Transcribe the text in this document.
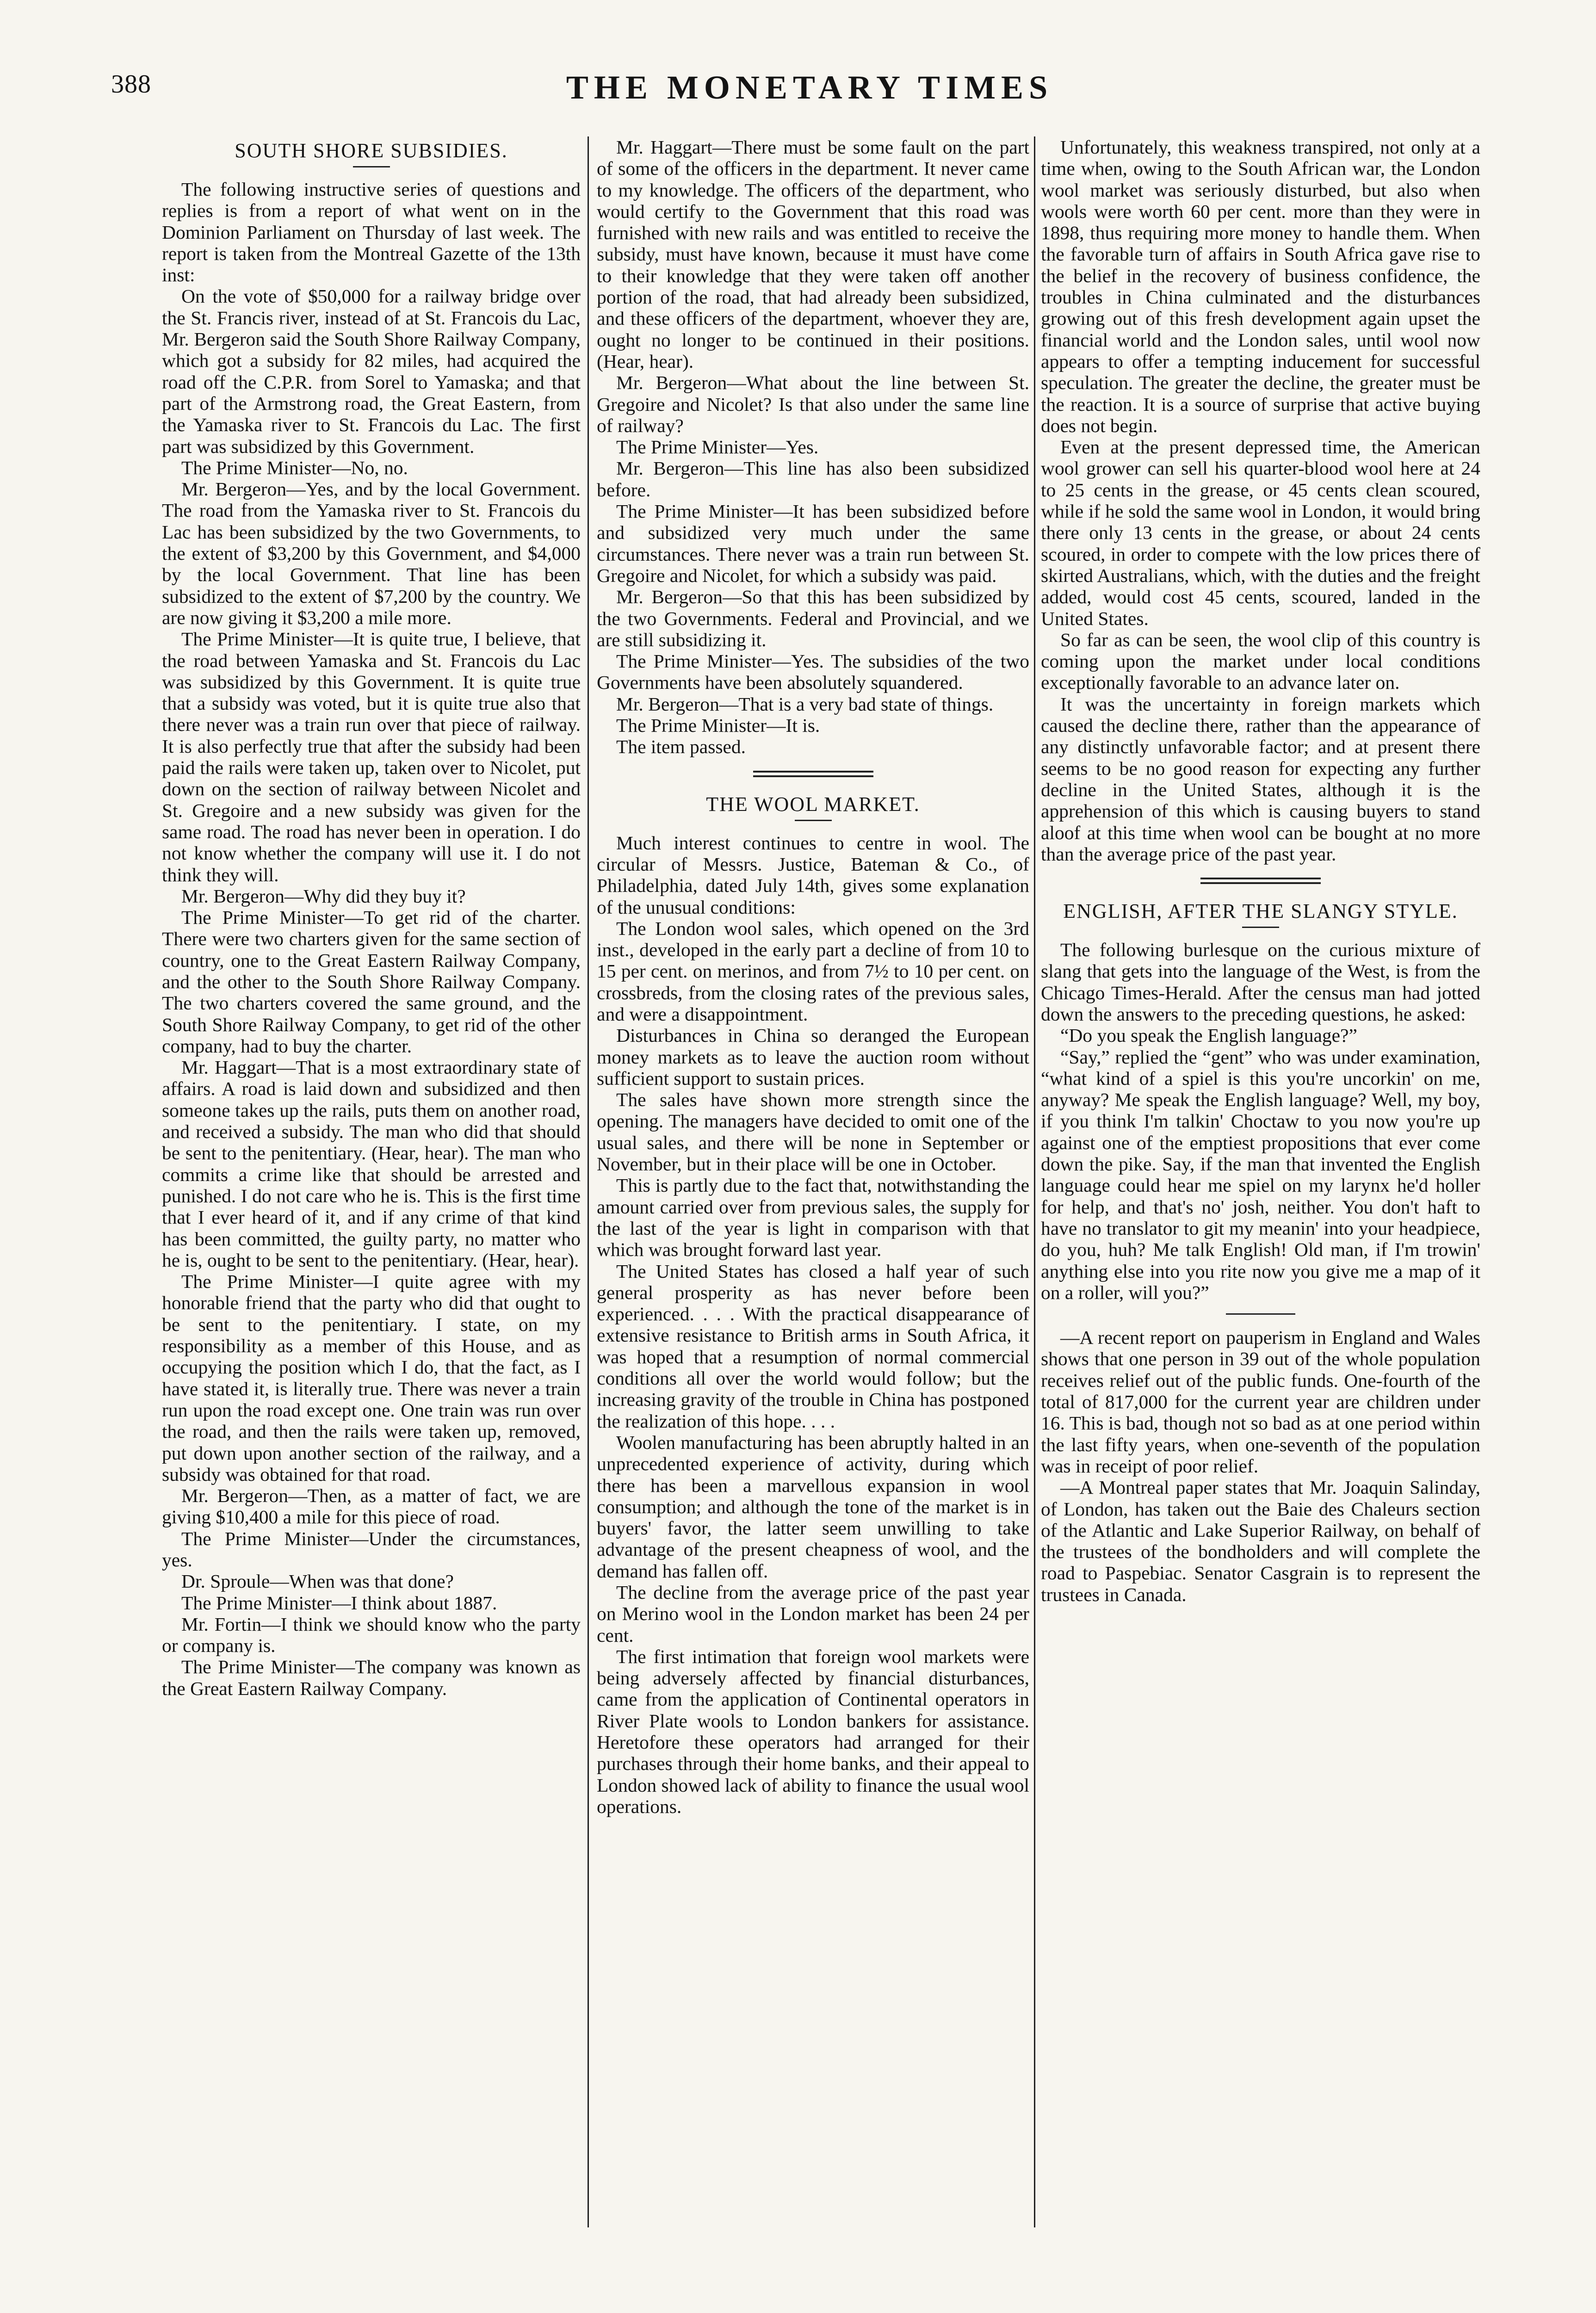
388	THE MONETARY TIMES
SOUTH SHORE SUBSIDIES.

The following instructive series of questions and replies is from a report of what went on in the Dominion Parliament on Thursday of last week. The report is taken from the Montreal Gazette of the 13th inst:

On the vote of $50,000 for a railway bridge over the St. Francis river, instead of at St. Francois du Lac, Mr. Bergeron said the South Shore Railway Company, which got a subsidy for 82 miles, had acquired the road off the C.P.R. from Sorel to Yamaska; and that part of the Armstrong road, the Great Eastern, from the Yamaska river to St. Francois du Lac. The first part was subsidized by this Government.

The Prime Minister—No, no.

Mr. Bergeron—Yes, and by the local Government. The road from the Yamaska river to St. Francois du Lac has been subsidized by the two Governments, to the extent of $3,200 by this Government, and $4,000 by the local Government. That line has been subsidized to the extent of $7,200 by the country. We are now giving it $3,200 a mile more.

The Prime Minister—It is quite true, I believe, that the road between Yamaska and St. Francois du Lac was subsidized by this Government. It is quite true that a subsidy was voted, but it is quite true also that there never was a train run over that piece of railway. It is also perfectly true that after the subsidy had been paid the rails were taken up, taken over to Nicolet, put down on the section of railway between Nicolet and St. Gregoire and a new subsidy was given for the same road. The road has never been in operation. I do not know whether the company will use it. I do not think they will.

Mr. Bergeron—Why did they buy it?

The Prime Minister—To get rid of the charter. There were two charters given for the same section of country, one to the Great Eastern Railway Company, and the other to the South Shore Railway Company. The two charters covered the same ground, and the South Shore Railway Company, to get rid of the other company, had to buy the charter.

Mr. Haggart—That is a most extraordinary state of affairs. A road is laid down and subsidized and then someone takes up the rails, puts them on another road, and received a subsidy. The man who did that should be sent to the penitentiary. (Hear, hear). The man who commits a crime like that should be arrested and punished. I do not care who he is. This is the first time that I ever heard of it, and if any crime of that kind has been committed, the guilty party, no matter who he is, ought to be sent to the penitentiary. (Hear, hear).

The Prime Minister—I quite agree with my honorable friend that the party who did that ought to be sent to the penitentiary. I state, on my responsibility as a member of this House, and as occupying the position which I do, that the fact, as I have stated it, is literally true. There was never a train run upon the road except one. One train was run over the road, and then the rails were taken up, removed, put down upon another section of the railway, and a subsidy was obtained for that road.

Mr. Bergeron—Then, as a matter of fact, we are giving $10,400 a mile for this piece of road.

The Prime Minister—Under the circumstances, yes.

Dr. Sproule—When was that done?

The Prime Minister—I think about 1887.

Mr. Fortin—I think we should know who the party or company is.

The Prime Minister—The company was known as the Great Eastern Railway Company.

Mr. Haggart—There must be some fault on the part of some of the officers in the department. It never came to my knowledge. The officers of the department, who would certify to the Government that this road was furnished with new rails and was entitled to receive the subsidy, must have known, because it must have come to their knowledge that they were taken off another portion of the road, that had already been subsidized, and these officers of the department, whoever they are, ought no longer to be continued in their positions. (Hear, hear).

Mr. Bergeron—What about the line between St. Gregoire and Nicolet? Is that also under the same line of railway?

The Prime Minister—Yes.

Mr. Bergeron—This line has also been subsidized before.

The Prime Minister—It has been subsidized before and subsidized very much under the same circumstances. There never was a train run between St. Gregoire and Nicolet, for which a subsidy was paid.

Mr. Bergeron—So that this has been subsidized by the two Governments. Federal and Provincial, and we are still subsidizing it.

The Prime Minister—Yes. The subsidies of the two Governments have been absolutely squandered.

Mr. Bergeron—That is a very bad state of things.

The Prime Minister—It is.

The item passed.

THE WOOL MARKET.

Much interest continues to centre in wool. The circular of Messrs. Justice, Bateman & Co., of Philadelphia, dated July 14th, gives some explanation of the unusual conditions:

The London wool sales, which opened on the 3rd inst., developed in the early part a decline of from 10 to 15 per cent. on merinos, and from 7½ to 10 per cent. on crossbreds, from the closing rates of the previous sales, and were a disappointment.

Disturbances in China so deranged the European money markets as to leave the auction room without sufficient support to sustain prices.

The sales have shown more strength since the opening. The managers have decided to omit one of the usual sales, and there will be none in September or November, but in their place will be one in October.

This is partly due to the fact that, notwithstanding the amount carried over from previous sales, the supply for the last of the year is light in comparison with that which was brought forward last year.

The United States has closed a half year of such general prosperity as has never before been experienced. . . . With the practical disappearance of extensive resistance to British arms in South Africa, it was hoped that a resumption of normal commercial conditions all over the world would follow; but the increasing gravity of the trouble in China has postponed the realization of this hope. . . .

Woolen manufacturing has been abruptly halted in an unprecedented experience of activity, during which there has been a marvellous expansion in wool consumption; and although the tone of the market is in buyers' favor, the latter seem unwilling to take advantage of the present cheapness of wool, and the demand has fallen off.

The decline from the average price of the past year on Merino wool in the London market has been 24 per cent.

The first intimation that foreign wool markets were being adversely affected by financial disturbances, came from the application of Continental operators in River Plate wools to London bankers for assistance. Heretofore these operators had arranged for their purchases through their home banks, and their appeal to London showed lack of ability to finance the usual wool operations.

Unfortunately, this weakness transpired, not only at a time when, owing to the South African war, the London wool market was seriously disturbed, but also when wools were worth 60 per cent. more than they were in 1898, thus requiring more money to handle them. When the favorable turn of affairs in South Africa gave rise to the belief in the recovery of business confidence, the troubles in China culminated and the disturbances growing out of this fresh development again upset the financial world and the London sales, until wool now appears to offer a tempting inducement for successful speculation. The greater the decline, the greater must be the reaction. It is a source of surprise that active buying does not begin.

Even at the present depressed time, the American wool grower can sell his quarter-blood wool here at 24 to 25 cents in the grease, or 45 cents clean scoured, while if he sold the same wool in London, it would bring there only 13 cents in the grease, or about 24 cents scoured, in order to compete with the low prices there of skirted Australians, which, with the duties and the freight added, would cost 45 cents, scoured, landed in the United States.

So far as can be seen, the wool clip of this country is coming upon the market under local conditions exceptionally favorable to an advance later on.

It was the uncertainty in foreign markets which caused the decline there, rather than the appearance of any distinctly unfavorable factor; and at present there seems to be no good reason for expecting any further decline in the United States, although it is the apprehension of this which is causing buyers to stand aloof at this time when wool can be bought at no more than the average price of the past year.

ENGLISH, AFTER THE SLANGY STYLE.

The following burlesque on the curious mixture of slang that gets into the language of the West, is from the Chicago Times-Herald. After the census man had jotted down the answers to the preceding questions, he asked:

“Do you speak the English language?”

“Say,” replied the “gent” who was under examination, “what kind of a spiel is this you're uncorkin' on me, anyway? Me speak the English language? Well, my boy, if you think I'm talkin' Choctaw to you now you're up against one of the emptiest propositions that ever come down the pike. Say, if the man that invented the English language could hear me spiel on my larynx he'd holler for help, and that's no' josh, neither. You don't haft to have no translator to git my meanin' into your headpiece, do you, huh? Me talk English! Old man, if I'm trowin' anything else into you rite now you give me a map of it on a roller, will you?”

—A recent report on pauperism in England and Wales shows that one person in 39 out of the whole population receives relief out of the public funds. One-fourth of the total of 817,000 for the current year are children under 16. This is bad, though not so bad as at one period within the last fifty years, when one-seventh of the population was in receipt of poor relief.

—A Montreal paper states that Mr. Joaquin Salinday, of London, has taken out the Baie des Chaleurs section of the Atlantic and Lake Superior Railway, on behalf of the trustees of the bondholders and will complete the road to Paspebiac. Senator Casgrain is to represent the trustees in Canada.
